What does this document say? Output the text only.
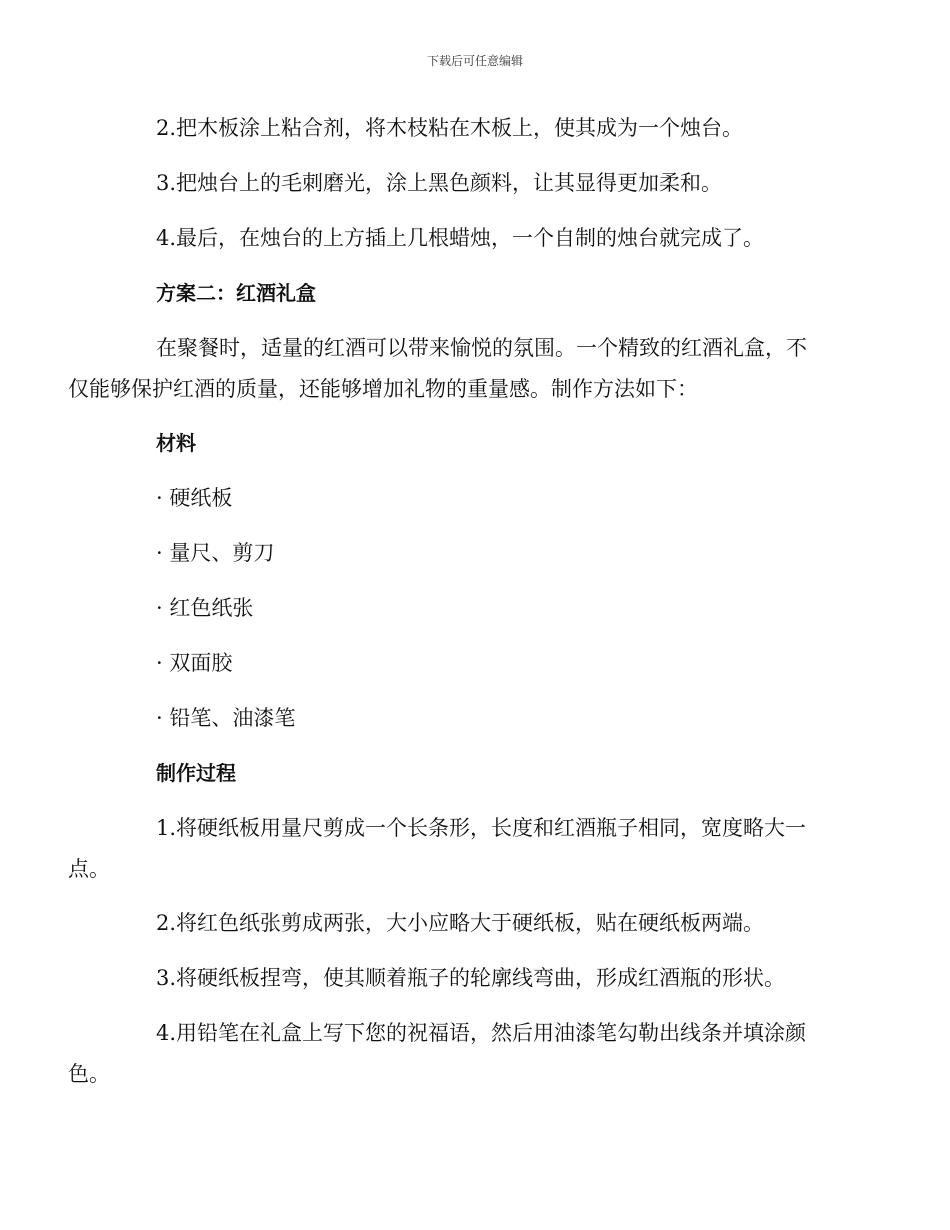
下载后可任意编辑

2.把木板涂上粘合剂，将木枝粘在木板上，使其成为一个烛台。

3.把烛台上的毛刺磨光，涂上黑色颜料，让其显得更加柔和。

4.最后，在烛台的上方插上几根蜡烛，一个自制的烛台就完成了。

方案二：红酒礼盒

在聚餐时，适量的红酒可以带来愉悦的氛围。一个精致的红酒礼盒，不
仅能够保护红酒的质量，还能够增加礼物的重量感。制作方法如下：

材料

· 硬纸板

· 量尺、剪刀

· 红色纸张

· 双面胶

· 铅笔、油漆笔

制作过程

1.将硬纸板用量尺剪成一个长条形，长度和红酒瓶子相同，宽度略大一
点。

2.将红色纸张剪成两张，大小应略大于硬纸板，贴在硬纸板两端。

3.将硬纸板捏弯，使其顺着瓶子的轮廓线弯曲，形成红酒瓶的形状。

4.用铅笔在礼盒上写下您的祝福语，然后用油漆笔勾勒出线条并填涂颜
色。
